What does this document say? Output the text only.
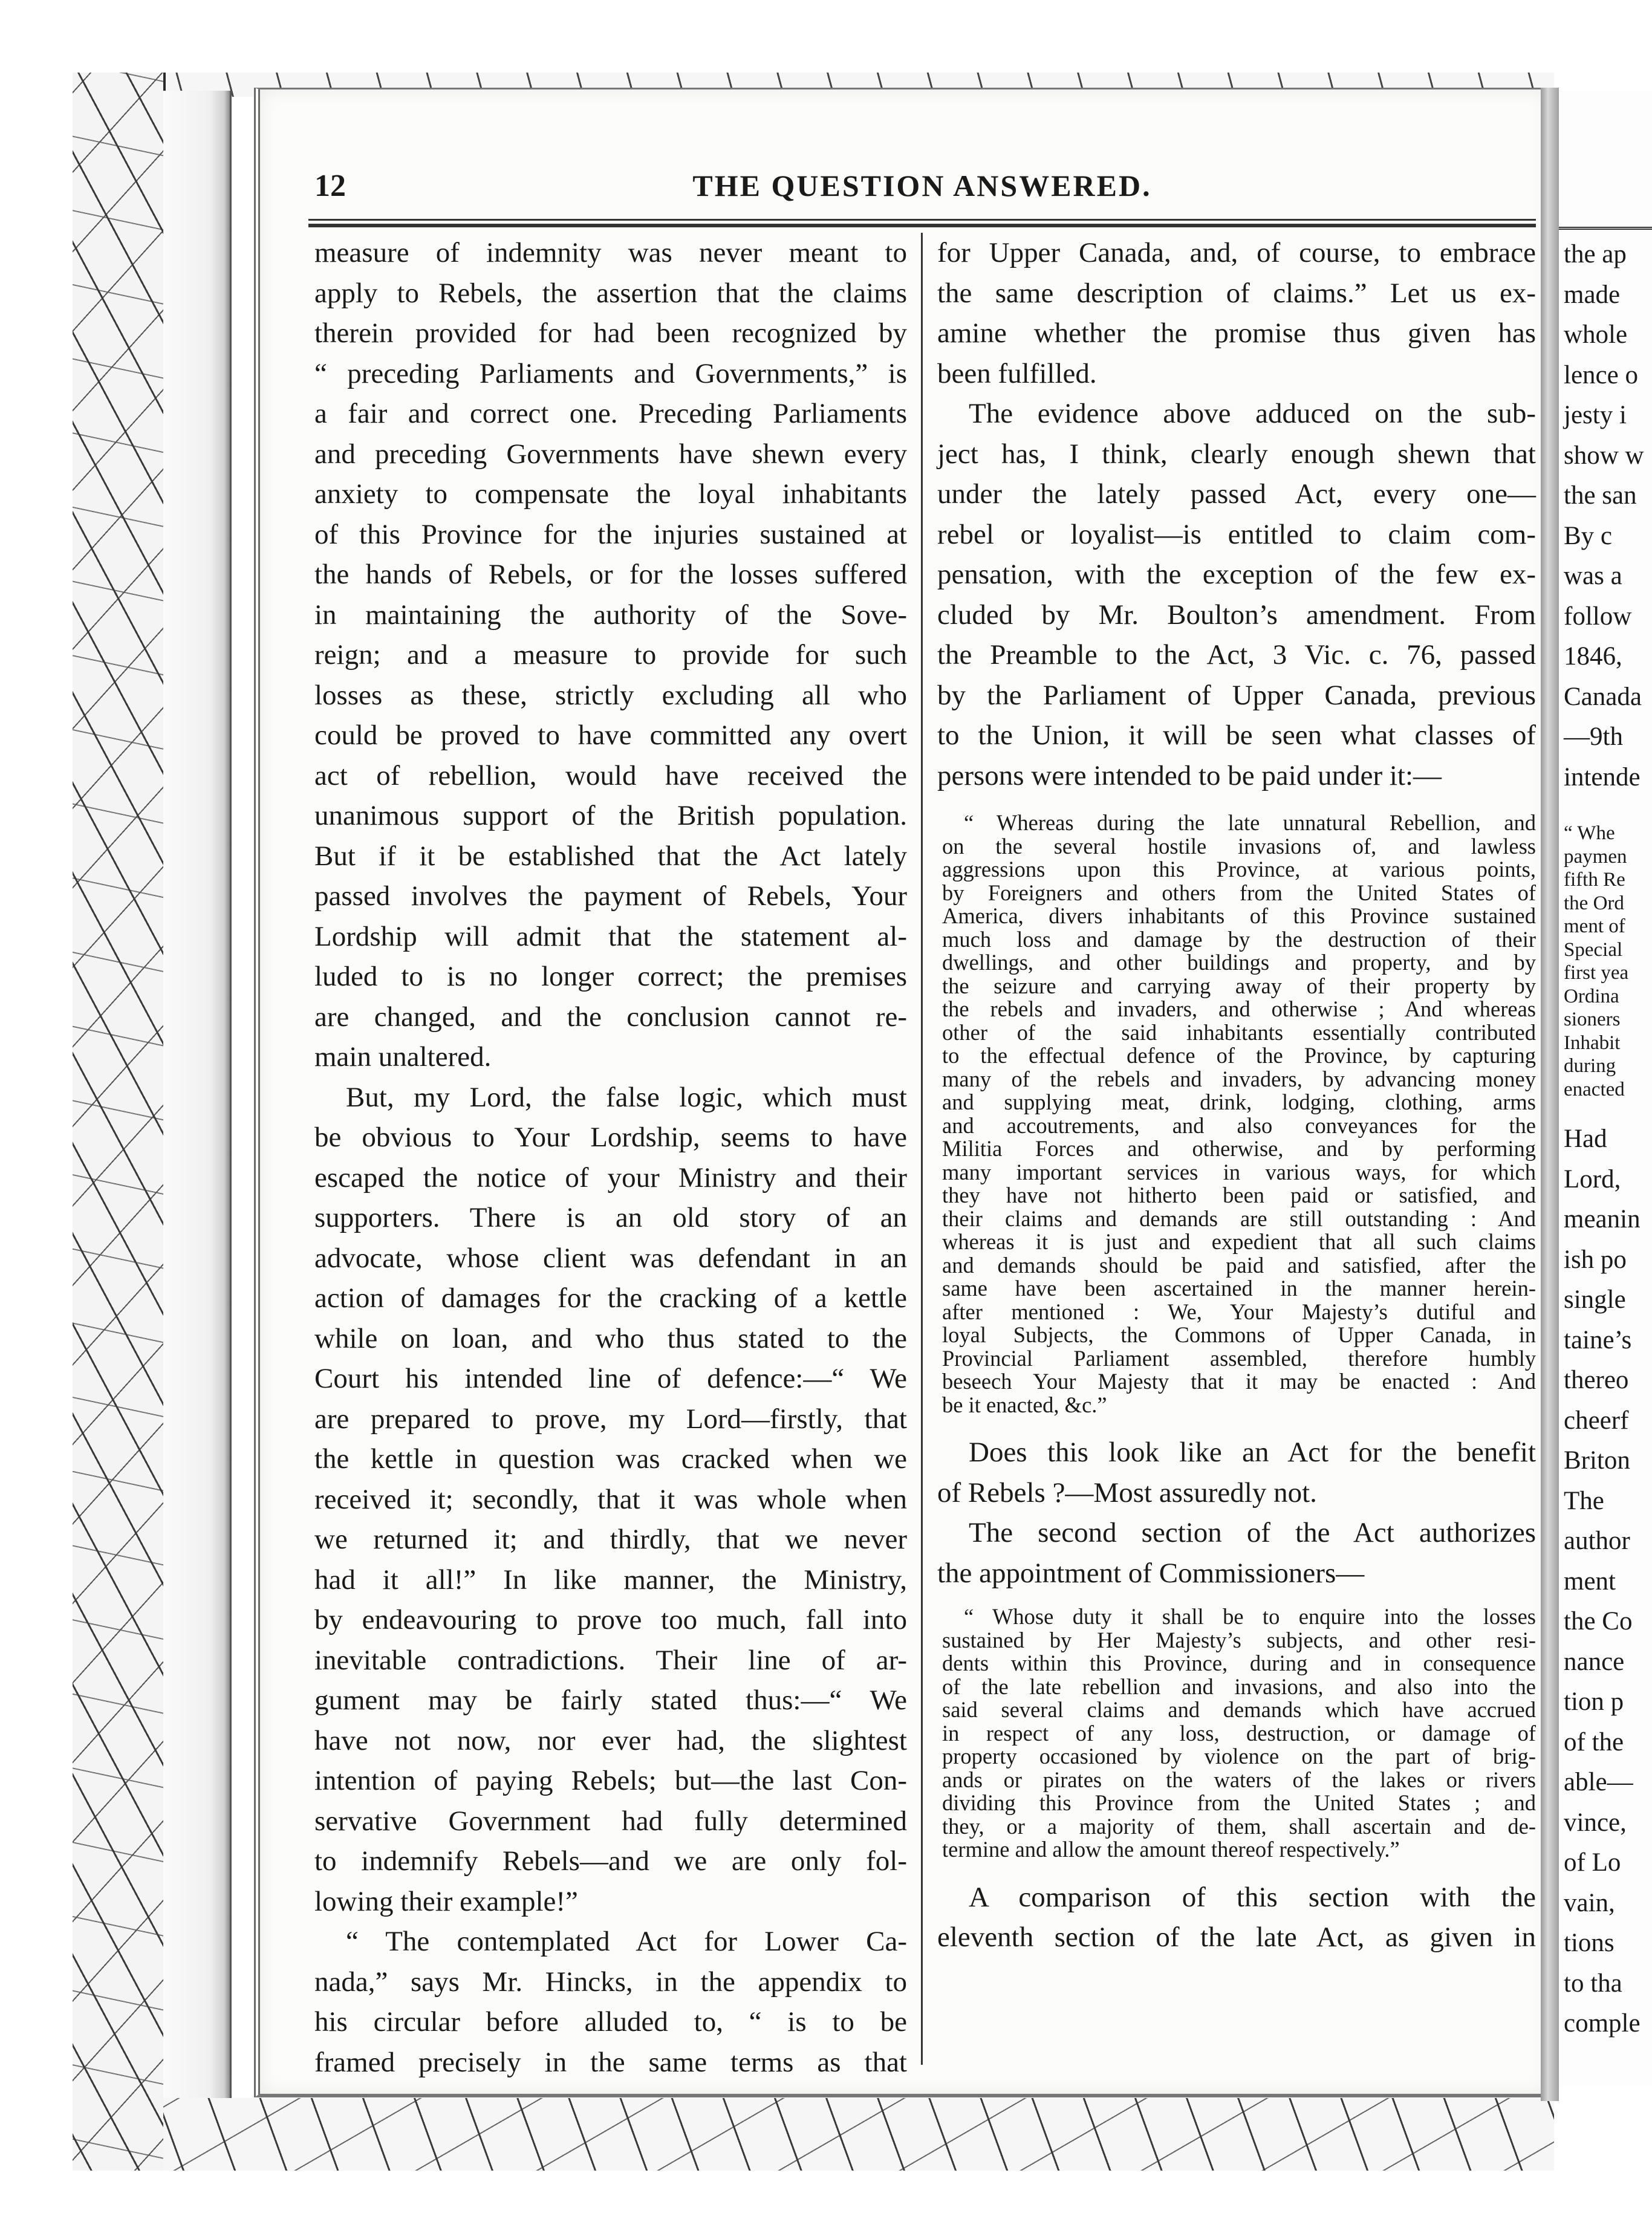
the ap
made
whole
lence o
jesty i
show w
the san
By c
was a
follow
1846,
Canada
—9th
intende
“ Whe
paymen
fifth Re
the Ord
ment of
Special
first yea
Ordina
sioners
Inhabit
during
enacted
Had
Lord,
meanin
ish po
single
taine’s
thereo
cheerf
Briton
The
author
ment
the Co
nance
tion p
of the
able—
vince,
of Lo
vain,
tions
to tha
comple
12	THE QUESTION ANSWERED.
measure of indemnity was never meant to
apply to Rebels, the assertion that the claims
therein provided for had been recognized by
“ preceding Parliaments and Governments,” is
a fair and correct one. Preceding Parliaments
and preceding Governments have shewn every
anxiety to compensate the loyal inhabitants
of this Province for the injuries sustained at
the hands of Rebels, or for the losses suffered
in maintaining the authority of the Sove-
reign; and a measure to provide for such
losses as these, strictly excluding all who
could be proved to have committed any overt
act of rebellion, would have received the
unanimous support of the British population.
But if it be established that the Act lately
passed involves the payment of Rebels, Your
Lordship will admit that the statement al-
luded to is no longer correct; the premises
are changed, and the conclusion cannot re-
main unaltered.
But, my Lord, the false logic, which must
be obvious to Your Lordship, seems to have
escaped the notice of your Ministry and their
supporters. There is an old story of an
advocate, whose client was defendant in an
action of damages for the cracking of a kettle
while on loan, and who thus stated to the
Court his intended line of defence:—“ We
are prepared to prove, my Lord—firstly, that
the kettle in question was cracked when we
received it; secondly, that it was whole when
we returned it; and thirdly, that we never
had it all!” In like manner, the Ministry,
by endeavouring to prove too much, fall into
inevitable contradictions. Their line of ar-
gument may be fairly stated thus:—“ We
have not now, nor ever had, the slightest
intention of paying Rebels; but—the last Con-
servative Government had fully determined
to indemnify Rebels—and we are only fol-
lowing their example!”
“ The contemplated Act for Lower Ca-
nada,” says Mr. Hincks, in the appendix to
his circular before alluded to, “ is to be
framed precisely in the same terms as that
for Upper Canada, and, of course, to embrace
the same description of claims.” Let us ex-
amine whether the promise thus given has
been fulfilled.
The evidence above adduced on the sub-
ject has, I think, clearly enough shewn that
under the lately passed Act, every one—
rebel or loyalist—is entitled to claim com-
pensation, with the exception of the few ex-
cluded by Mr. Boulton’s amendment. From
the Preamble to the Act, 3 Vic. c. 76, passed
by the Parliament of Upper Canada, previous
to the Union, it will be seen what classes of
persons were intended to be paid under it:—
“ Whereas during the late unnatural Rebellion, and
on the several hostile invasions of, and lawless
aggressions upon this Province, at various points,
by Foreigners and others from the United States of
America, divers inhabitants of this Province sustained
much loss and damage by the destruction of their
dwellings, and other buildings and property, and by
the seizure and carrying away of their property by
the rebels and invaders, and otherwise ; And whereas
other of the said inhabitants essentially contributed
to the effectual defence of the Province, by capturing
many of the rebels and invaders, by advancing money
and supplying meat, drink, lodging, clothing, arms
and accoutrements, and also conveyances for the
Militia Forces and otherwise, and by performing
many important services in various ways, for which
they have not hitherto been paid or satisfied, and
their claims and demands are still outstanding : And
whereas it is just and expedient that all such claims
and demands should be paid and satisfied, after the
same have been ascertained in the manner herein-
after mentioned : We, Your Majesty’s dutiful and
loyal Subjects, the Commons of Upper Canada, in
Provincial Parliament assembled, therefore humbly
beseech Your Majesty that it may be enacted : And
be it enacted, &c.”
Does this look like an Act for the benefit
of Rebels ?—Most assuredly not.
The second section of the Act authorizes
the appointment of Commissioners—
“ Whose duty it shall be to enquire into the losses
sustained by Her Majesty’s subjects, and other resi-
dents within this Province, during and in consequence
of the late rebellion and invasions, and also into the
said several claims and demands which have accrued
in respect of any loss, destruction, or damage of
property occasioned by violence on the part of brig-
ands or pirates on the waters of the lakes or rivers
dividing this Province from the United States ; and
they, or a majority of them, shall ascertain and de-
termine and allow the amount thereof respectively.”
A comparison of this section with the
eleventh section of the late Act, as given in
